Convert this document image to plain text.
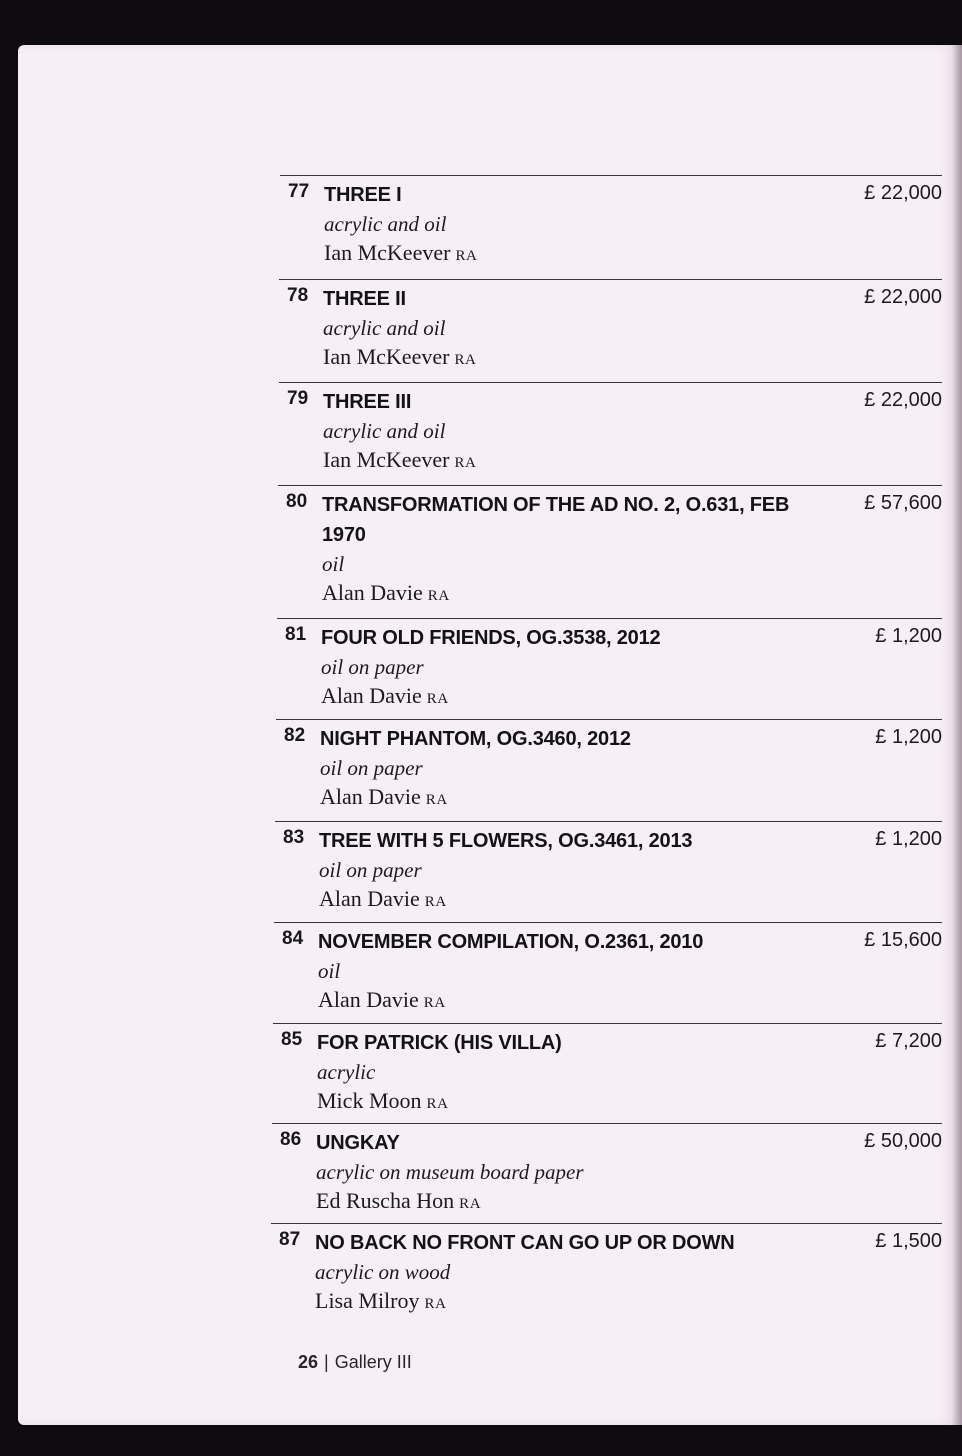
77 THREE I
acrylic and oil
Ian McKeever RA
£ 22,000
78 THREE II
acrylic and oil
Ian McKeever RA
£ 22,000
79 THREE III
acrylic and oil
Ian McKeever RA
£ 22,000
80 TRANSFORMATION OF THE AD NO. 2, O.631, FEB 1970
oil
Alan Davie RA
£ 57,600
81 FOUR OLD FRIENDS, OG.3538, 2012
oil on paper
Alan Davie RA
£ 1,200
82 NIGHT PHANTOM, OG.3460, 2012
oil on paper
Alan Davie RA
£ 1,200
83 TREE WITH 5 FLOWERS, OG.3461, 2013
oil on paper
Alan Davie RA
£ 1,200
84 NOVEMBER COMPILATION, O.2361, 2010
oil
Alan Davie RA
£ 15,600
85 FOR PATRICK (HIS VILLA)
acrylic
Mick Moon RA
£ 7,200
86 UNGKAY
acrylic on museum board paper
Ed Ruscha Hon RA
£ 50,000
87 NO BACK NO FRONT CAN GO UP OR DOWN
acrylic on wood
Lisa Milroy RA
£ 1,500
26 | Gallery III
